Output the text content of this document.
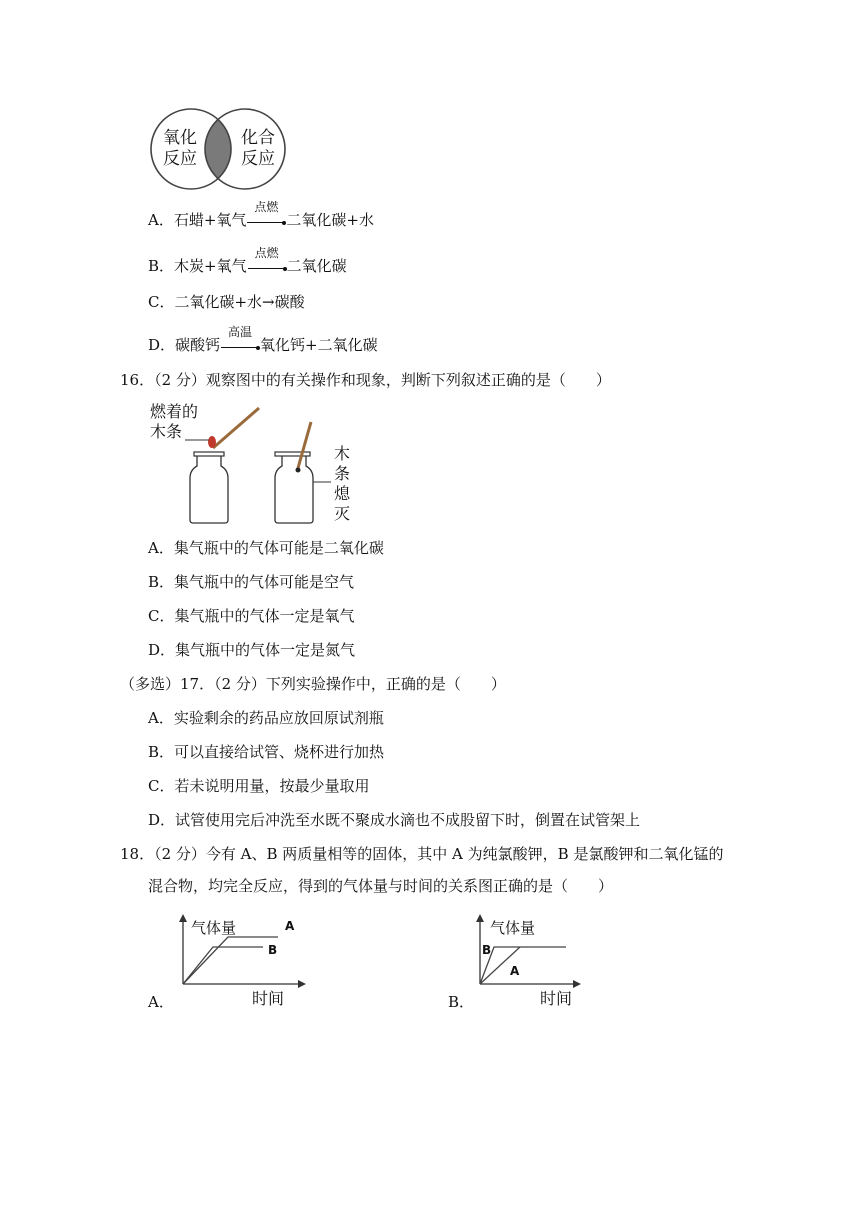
氧化
反应
化合
反应
A．石蜡+氧气
点燃
二氧化碳+水
B．木炭+氧气
点燃
二氧化碳
C．二氧化碳+水→碳酸
D．碳酸钙
高温
氧化钙+二氧化碳
16．（2 分）观察图中的有关操作和现象，判断下列叙述正确的是（　　）
燃着的
木条
木
条
熄
灭
A．集气瓶中的气体可能是二氧化碳
B．集气瓶中的气体可能是空气
C．集气瓶中的气体一定是氧气
D．集气瓶中的气体一定是氮气
（多选）17．（2 分）下列实验操作中，正确的是（　　）
A．实验剩余的药品应放回原试剂瓶
B．可以直接给试管、烧杯进行加热
C．若未说明用量，按最少量取用
D．试管使用完后冲洗至水既不聚成水滴也不成股留下时，倒置在试管架上
18．（2 分）今有 A、B 两质量相等的固体，其中 A 为纯氯酸钾，B 是氯酸钾和二氧化锰的
混合物，均完全反应，得到的气体量与时间的关系图正确的是（　　）
气体量	A
B
时间
A．
气体量
B
A
时间
B．
